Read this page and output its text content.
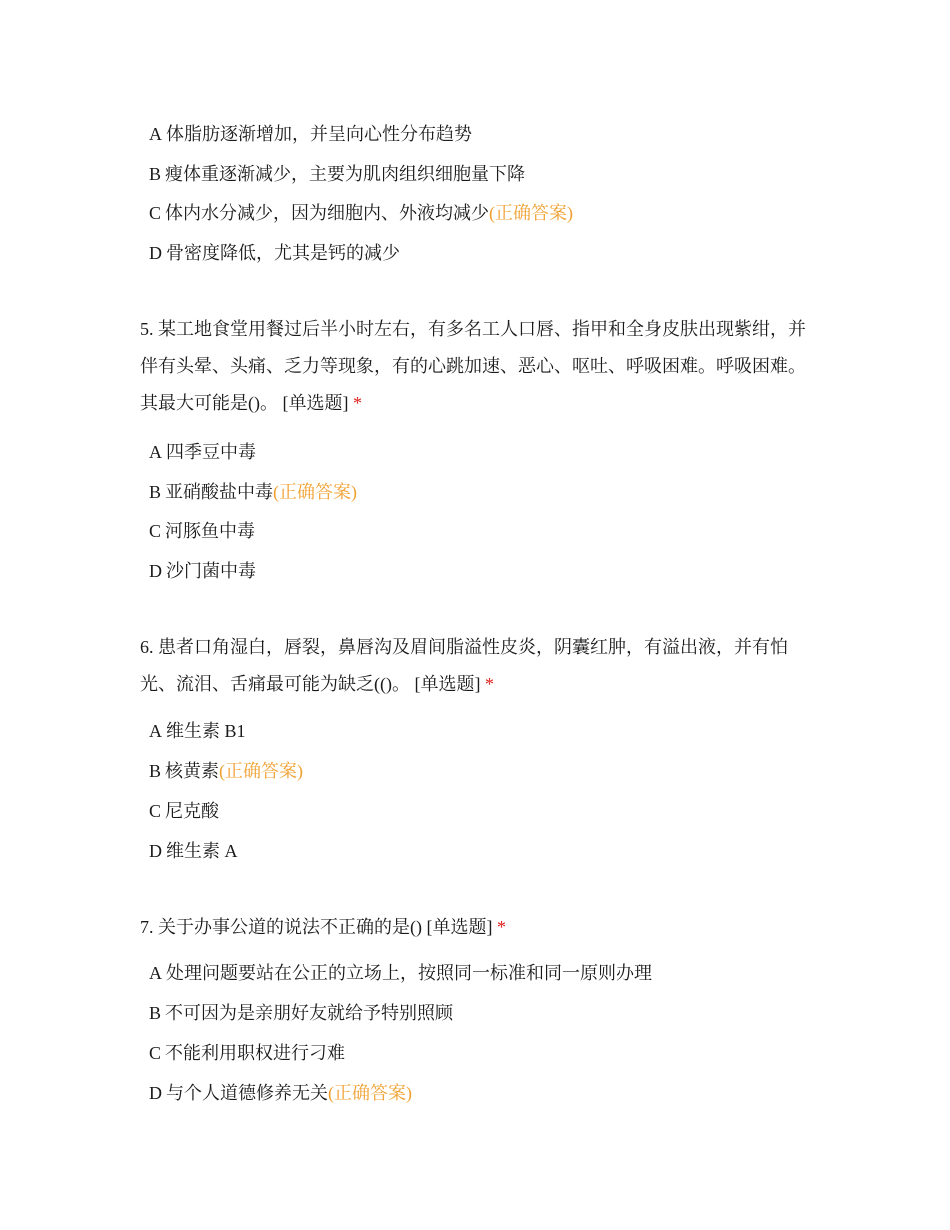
A 体脂肪逐渐增加，并呈向心性分布趋势
B 瘦体重逐渐减少，主要为肌肉组织细胞量下降
C 体内水分减少，因为细胞内、外液均减少(正确答案)
D 骨密度降低，尤其是钙的减少

5. 某工地食堂用餐过后半小时左右，有多名工人口唇、指甲和全身皮肤出现紫绀，并伴有头晕、头痛、乏力等现象，有的心跳加速、恶心、呕吐、呼吸困难。呼吸困难。其最大可能是()。 [单选题] *

A 四季豆中毒
B 亚硝酸盐中毒(正确答案)
C 河豚鱼中毒
D 沙门菌中毒

6. 患者口角湿白，唇裂，鼻唇沟及眉间脂溢性皮炎，阴囊红肿，有溢出液，并有怕光、流泪、舌痛最可能为缺乏(()。 [单选题] *

A 维生素 B1
B 核黄素(正确答案)
C 尼克酸
D 维生素 A

7. 关于办事公道的说法不正确的是() [单选题] *

A 处理问题要站在公正的立场上，按照同一标准和同一原则办理
B 不可因为是亲朋好友就给予特别照顾
C 不能利用职权进行刁难
D 与个人道德修养无关(正确答案)
